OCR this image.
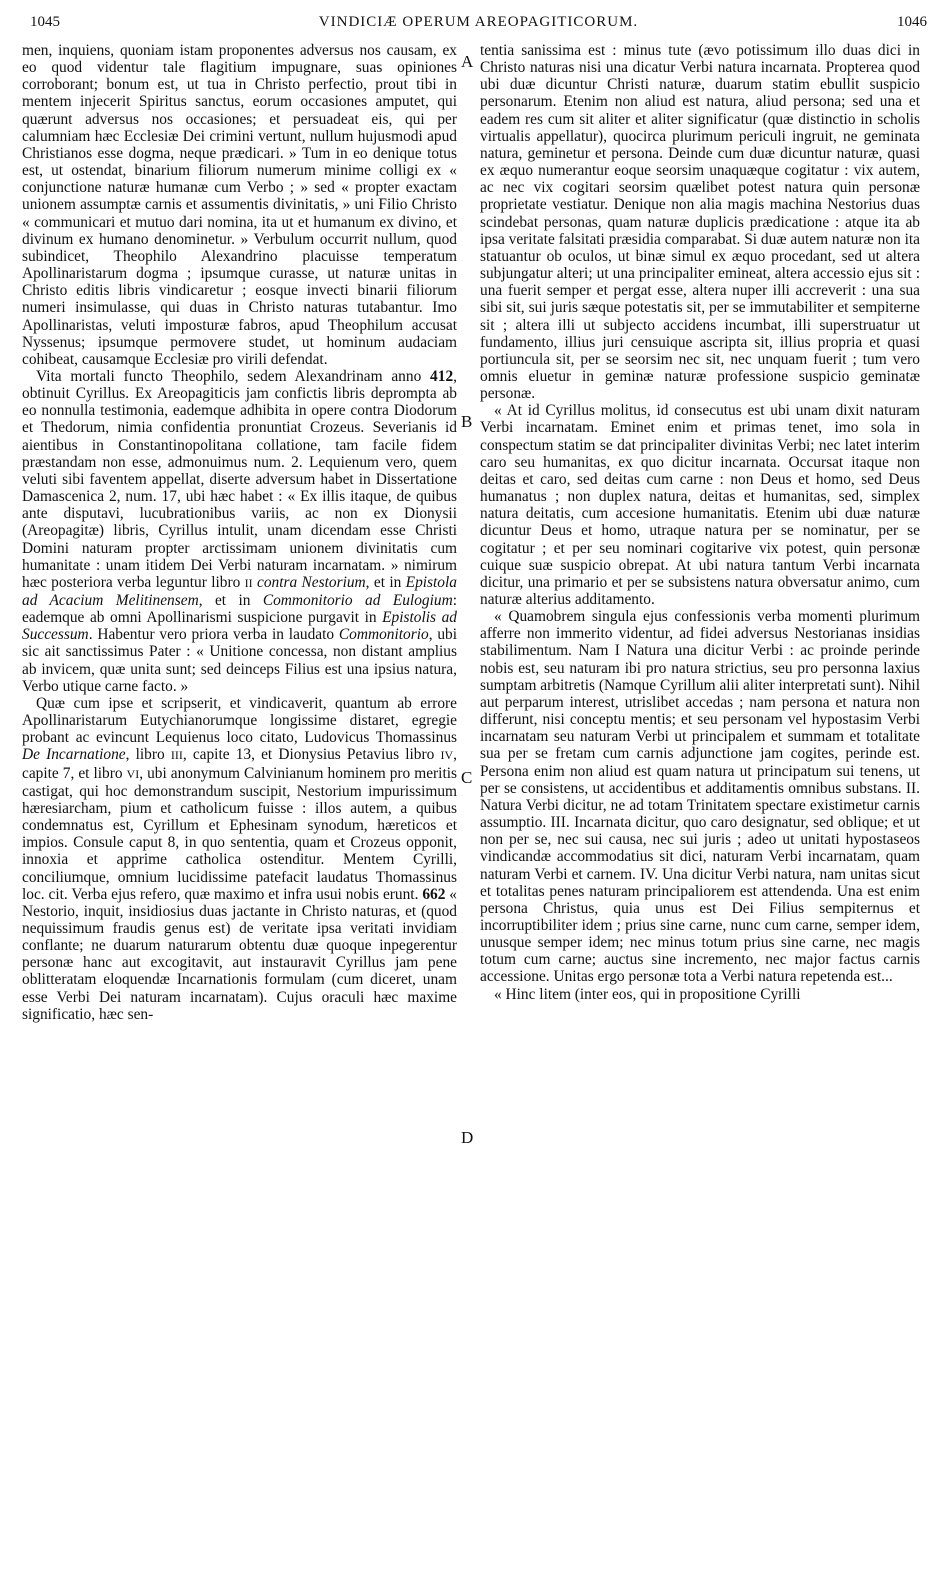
1045	VINDICIÆ OPERUM AREOPAGITICORUM.	1046
A
B
C
D

men, inquiens, quoniam istam proponentes adversus nos causam, ex eo quod videntur tale flagitium impugnare, suas opiniones corroborant; bonum est, ut tua in Christo perfectio, prout tibi in mentem injecerit Spiritus sanctus, eorum occasiones amputet, qui quærunt adversus nos occasiones; et persuadeat eis, qui per calumniam hæc Ecclesiæ Dei crimini vertunt, nullum hujusmodi apud Christianos esse dogma, neque prædicari. » Tum in eo denique totus est, ut ostendat, binarium filiorum numerum minime colligi ex « conjunctione naturæ humanæ cum Verbo ; » sed « propter exactam unionem assumptæ carnis et assumentis divinitatis, » uni Filio Christo « communicari et mutuo dari nomina, ita ut et humanum ex divino, et divinum ex humano denominetur. » Verbulum occurrit nullum, quod subindicet, Theophilo Alexandrino placuisse temperatum Apollinaristarum dogma ; ipsumque curasse, ut naturæ unitas in Christo editis libris vindicaretur ; eosque invecti binarii filiorum numeri insimulasse, qui duas in Christo naturas tutabantur. Imo Apollinaristas, veluti imposturæ fabros, apud Theophilum accusat Nyssenus; ipsumque permovere studet, ut hominum audaciam cohibeat, causamque Ecclesiæ pro virili defendat.

Vita mortali functo Theophilo, sedem Alexandrinam anno 412, obtinuit Cyrillus. Ex Areopagiticis jam confictis libris deprompta ab eo nonnulla testimonia, eademque adhibita in opere contra Diodorum et Thedorum, nimia confidentia pronuntiat Crozeus. Severianis id aientibus in Constantinopolitana collatione, tam facile fidem præstandam non esse, admonuimus num. 2. Lequienum vero, quem veluti sibi faventem appellat, diserte adversum habet in Dissertatione Damascenica 2, num. 17, ubi hæc habet : « Ex illis itaque, de quibus ante disputavi, lucubrationibus variis, ac non ex Dionysii (Areopagitæ) libris, Cyrillus intulit, unam dicendam esse Christi Domini naturam propter arctissimam unionem divinitatis cum humanitate : unam itidem Dei Verbi naturam incarnatam. » nimirum hæc posteriora verba leguntur libro II contra Nestorium, et in Epistola ad Acacium Melitinensem, et in Commonitorio ad Eulogium: eademque ab omni Apollinarismi suspicione purgavit in Epistolis ad Successum. Habentur vero priora verba in laudato Commonitorio, ubi sic ait sanctissimus Pater : « Unitione concessa, non distant amplius ab invicem, quæ unita sunt; sed deinceps Filius est una ipsius natura, Verbo utique carne facto. »

Quæ cum ipse et scripserit, et vindicaverit, quantum ab errore Apollinaristarum Eutychianorumque longissime distaret, egregie probant ac evincunt Lequienus loco citato, Ludovicus Thomassinus De Incarnatione, libro III, capite 13, et Dionysius Petavius libro IV, capite 7, et libro VI, ubi anonymum Calvinianum hominem pro meritis castigat, qui hoc demonstrandum suscipit, Nestorium impurissimum hæresiarcham, pium et catholicum fuisse : illos autem, a quibus condemnatus est, Cyrillum et Ephesinam synodum, hæreticos et impios. Consule caput 8, in quo sententia, quam et Crozeus opponit, innoxia et apprime catholica ostenditur. Mentem Cyrilli, conciliumque, omnium lucidissime patefacit laudatus Thomassinus loc. cit. Verba ejus refero, quæ maximo et infra usui nobis erunt. 662 « Nestorio, inquit, insidiosius duas jactante in Christo naturas, et (quod nequissimum fraudis genus est) de veritate ipsa veritati invidiam conflante; ne duarum naturarum obtentu duæ quoque inpegerentur personæ hanc aut excogitavit, aut instauravit Cyrillus jam pene oblitteratam eloquendæ Incarnationis formulam (cum diceret, unam esse Verbi Dei naturam incarnatam). Cujus oraculi hæc maxime significatio, hæc sen-

tentia sanissima est : minus tute (ævo potissimum illo duas dici in Christo naturas nisi una dicatur Verbi natura incarnata. Propterea quod ubi duæ dicuntur Christi naturæ, duarum statim ebullit suspicio personarum. Etenim non aliud est natura, aliud persona; sed una et eadem res cum sit aliter et aliter significatur (quæ distinctio in scholis virtualis appellatur), quocirca plurimum periculi ingruit, ne geminata natura, geminetur et persona. Deinde cum duæ dicuntur naturæ, quasi ex æquo numerantur eoque seorsim unaquæque cogitatur : vix autem, ac nec vix cogitari seorsim quælibet potest natura quin personæ proprietate vestiatur. Denique non alia magis machina Nestorius duas scindebat personas, quam naturæ duplicis prædicatione : atque ita ab ipsa veritate falsitati præsidia comparabat. Si duæ autem naturæ non ita statuantur ob oculos, ut binæ simul ex æquo procedant, sed ut altera subjungatur alteri; ut una principaliter emineat, altera accessio ejus sit : una fuerit semper et pergat esse, altera nuper illi accreverit : una sua sibi sit, sui juris sæque potestatis sit, per se immutabiliter et sempiterne sit ; altera illi ut subjecto accidens incumbat, illi superstruatur ut fundamento, illius juri censuique ascripta sit, illius propria et quasi portiuncula sit, per se seorsim nec sit, nec unquam fuerit ; tum vero omnis eluetur in geminæ naturæ professione suspicio geminatæ personæ.

« At id Cyrillus molitus, id consecutus est ubi unam dixit naturam Verbi incarnatam. Eminet enim et primas tenet, imo sola in conspectum statim se dat principaliter divinitas Verbi; nec latet interim caro seu humanitas, ex quo dicitur incarnata. Occursat itaque non deitas et caro, sed deitas cum carne : non Deus et homo, sed Deus humanatus ; non duplex natura, deitas et humanitas, sed, simplex natura deitatis, cum accesione humanitatis. Etenim ubi duæ naturæ dicuntur Deus et homo, utraque natura per se nominatur, per se cogitatur ; et per seu nominari cogitarive vix potest, quin personæ cuique suæ suspicio obrepat. At ubi natura tantum Verbi incarnata dicitur, una primario et per se subsistens natura obversatur animo, cum naturæ alterius additamento.

« Quamobrem singula ejus confessionis verba momenti plurimum afferre non immerito videntur, ad fidei adversus Nestorianas insidias stabilimentum. Nam I Natura una dicitur Verbi : ac proinde perinde nobis est, seu naturam ibi pro natura strictius, seu pro personna laxius sumptam arbitretis (Namque Cyrillum alii aliter interpretati sunt). Nihil aut perparum interest, utrislibet accedas ; nam persona et natura non differunt, nisi conceptu mentis; et seu personam vel hypostasim Verbi incarnatam seu naturam Verbi ut principalem et summam et totalitate sua per se fretam cum carnis adjunctione jam cogites, perinde est. Persona enim non aliud est quam natura ut principatum sui tenens, ut per se consistens, ut accidentibus et additamentis omnibus substans. II. Natura Verbi dicitur, ne ad totam Trinitatem spectare existimetur carnis assumptio. III. Incarnata dicitur, quo caro designatur, sed oblique; et ut non per se, nec sui causa, nec sui juris ; adeo ut unitati hypostaseos vindicandæ accommodatius sit dici, naturam Verbi incarnatam, quam naturam Verbi et carnem. IV. Una dicitur Verbi natura, nam unitas sicut et totalitas penes naturam principaliorem est attendenda. Una est enim persona Christus, quia unus est Dei Filius sempiternus et incorruptibiliter idem ; prius sine carne, nunc cum carne, semper idem, unusque semper idem; nec minus totum prius sine carne, nec magis totum cum carne; auctus sine incremento, nec major factus carnis accessione. Unitas ergo personæ tota a Verbi natura repetenda est...

« Hinc litem (inter eos, qui in propositione Cyrilli
